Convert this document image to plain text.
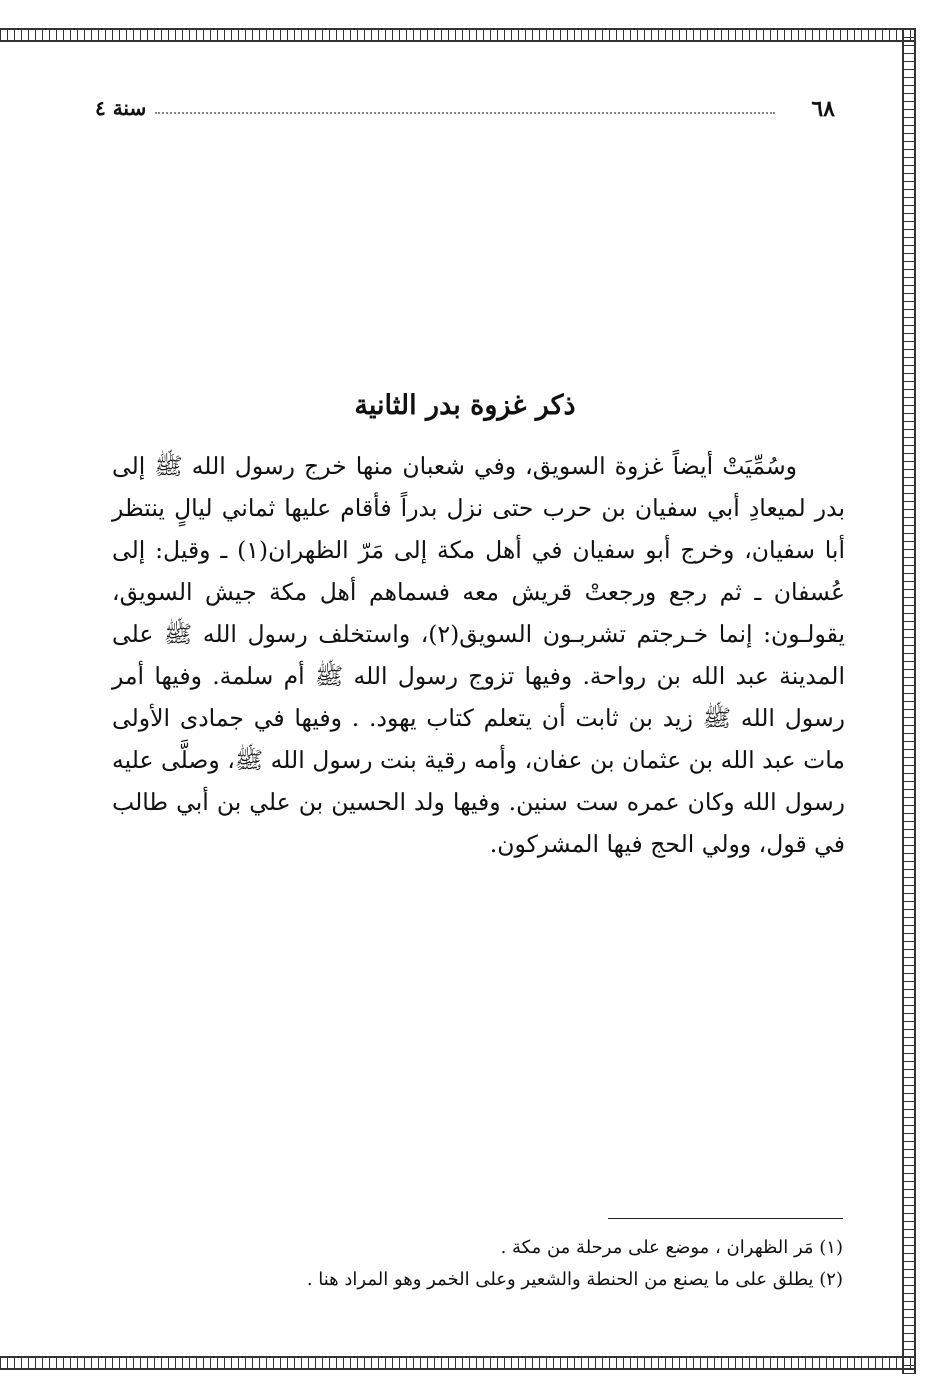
٦٨
سنة ٤
ذكر غزوة بدر الثانية

وسُمِّيَتْ أيضاً غزوة السويق، وفي شعبان منها خرج رسول الله ﷺ إلى بدر لميعادِ أبي سفيان بن حرب حتى نزل بدراً فأقام عليها ثماني ليالٍ ينتظر أبا سفيان، وخرج أبو سفيان في أهل مكة إلى مَرّ الظهران(١) ـ وقيل: إلى عُسفان ـ ثم رجع ورجعتْ قريش معه فسماهم أهل مكة جيش السويق، يقولـون: إنما خـرجتم تشربـون السويق(٢)، واستخلف رسول الله ﷺ على المدينة عبد الله بن رواحة. وفيها تزوج رسول الله ﷺ أم سلمة. وفيها أمر رسول الله ﷺ زيد بن ثابت أن يتعلم كتاب يهود. . وفيها في جمادى الأولى مات عبد الله بن عثمان بن عفان، وأمه رقية بنت رسول الله ﷺ، وصلَّى عليه رسول الله وكان عمره ست سنين. وفيها ولد الحسين بن علي بن أبي طالب في قول، وولي الحج فيها المشركون.

(١) مَر الظهران ، موضع على مرحلة من مكة .

(٢) يطلق على ما يصنع من الحنطة والشعير وعلى الخمر وهو المراد هنا .
